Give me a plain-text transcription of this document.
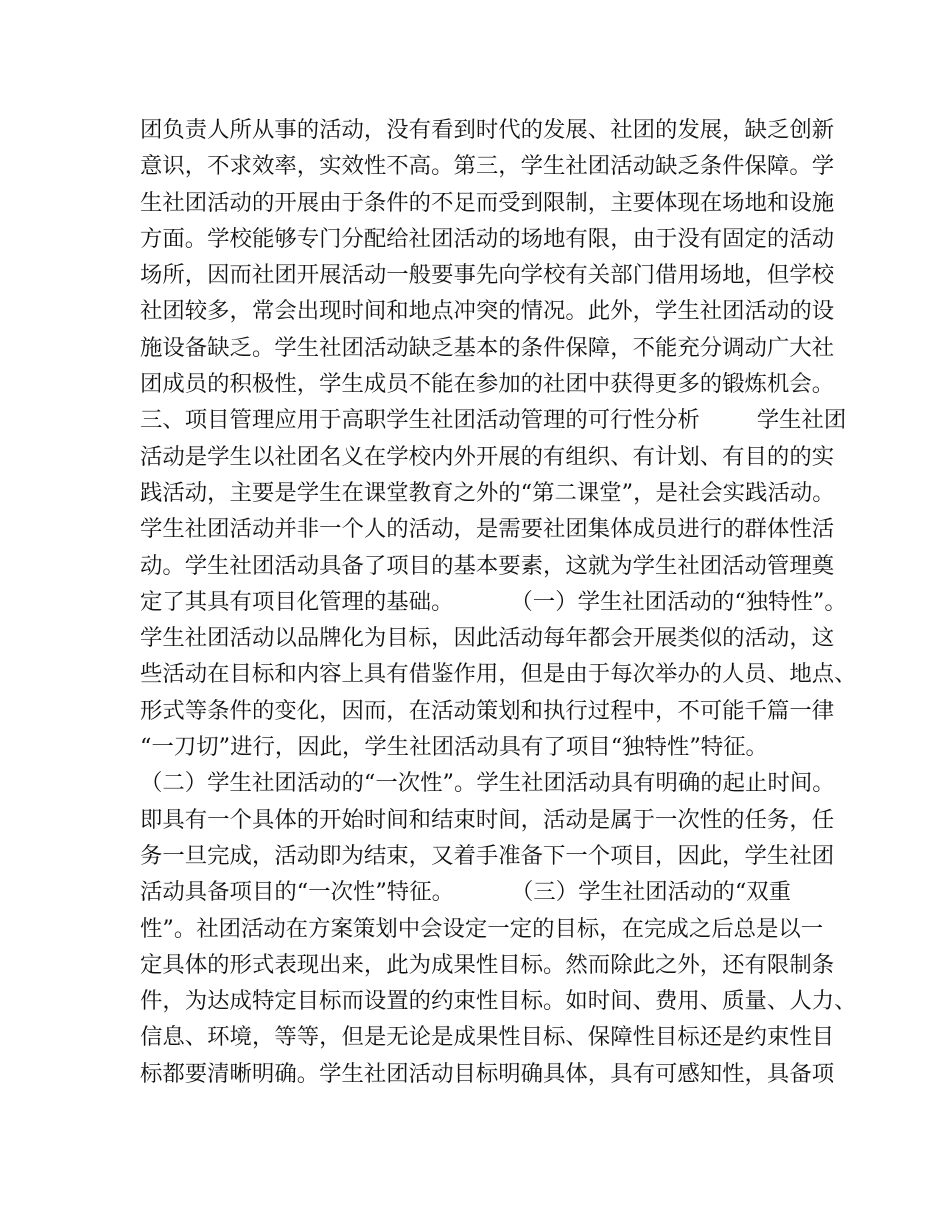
团负责人所从事的活动，没有看到时代的发展、社团的发展，缺乏创新
意识，不求效率，实效性不高。第三，学生社团活动缺乏条件保障。学
生社团活动的开展由于条件的不足而受到限制，主要体现在场地和设施
方面。学校能够专门分配给社团活动的场地有限，由于没有固定的活动
场所，因而社团开展活动一般要事先向学校有关部门借用场地，但学校
社团较多，常会出现时间和地点冲突的情况。此外，学生社团活动的设
施设备缺乏。学生社团活动缺乏基本的条件保障，不能充分调动广大社
团成员的积极性，学生成员不能在参加的社团中获得更多的锻炼机会。
三、项目管理应用于高职学生社团活动管理的可行性分析        学生社团
活动是学生以社团名义在学校内外开展的有组织、有计划、有目的的实
践活动，主要是学生在课堂教育之外的“第二课堂”，是社会实践活动。
学生社团活动并非一个人的活动，是需要社团集体成员进行的群体性活
动。学生社团活动具备了项目的基本要素，这就为学生社团活动管理奠
定了其具有项目化管理的基础。        （一）学生社团活动的“独特性”。
学生社团活动以品牌化为目标，因此活动每年都会开展类似的活动，这
些活动在目标和内容上具有借鉴作用，但是由于每次举办的人员、地点、
形式等条件的变化，因而，在活动策划和执行过程中，不可能千篇一律
“一刀切”进行，因此，学生社团活动具有了项目“独特性”特征。
（二）学生社团活动的“一次性”。学生社团活动具有明确的起止时间。
即具有一个具体的开始时间和结束时间，活动是属于一次性的任务，任
务一旦完成，活动即为结束，又着手准备下一个项目，因此，学生社团
活动具备项目的“一次性”特征。        （三）学生社团活动的“双重
性”。社团活动在方案策划中会设定一定的目标，在完成之后总是以一
定具体的形式表现出来，此为成果性目标。然而除此之外，还有限制条
件，为达成特定目标而设置的约束性目标。如时间、费用、质量、人力、
信息、环境，等等，但是无论是成果性目标、保障性目标还是约束性目
标都要清晰明确。学生社团活动目标明确具体，具有可感知性，具备项
